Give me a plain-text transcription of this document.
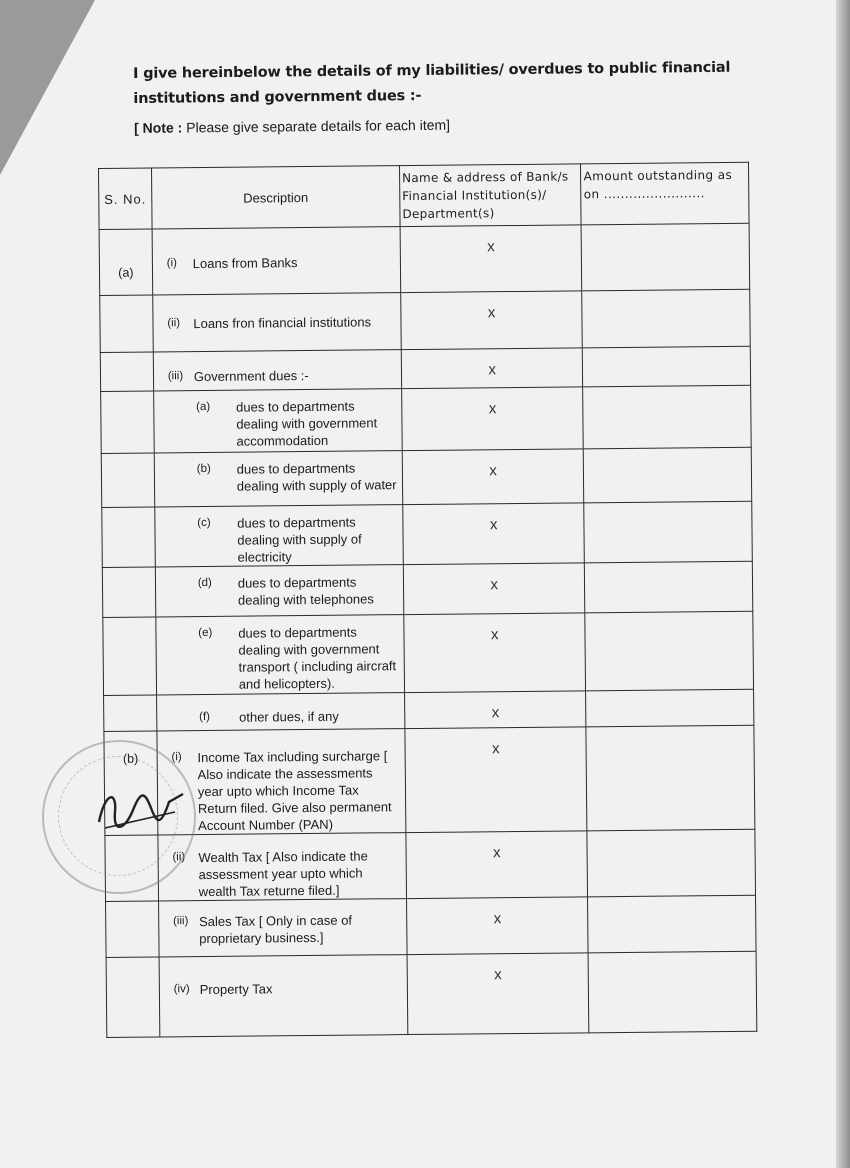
I give hereinbelow the details of my liabilities/ overdues to public financial institutions and government dues :-
[ Note : Please give separate details for each item]
S. No.	Description	Name & address of Bank/s Financial Institution(s)/ Department(s)	Amount outstanding as on ........................
(a)	(i) Loans from Banks	x	

	(ii) Loans fron financial institutions	x	

	(iii) Government dues :-	x	

	(a) dues to departments dealing with government accommodation	x	

	(b) dues to departments dealing with supply of water	x	

	(c) dues to departments dealing with supply of electricity	x	

	(d) dues to departments dealing with telephones	x	

	(e) dues to departments dealing with government transport ( including aircraft and helicopters).	x	

	(f) other dues, if any	x	
(b)	(i) Income Tax including surcharge [ Also indicate the assessments year upto which Income Tax Return filed. Give also permanent Account Number (PAN)	x	

	(ii) Wealth Tax [ Also indicate the assessment year upto which wealth Tax returne filed.]	x	

	(iii) Sales Tax [ Only in case of proprietary business.]	x	

	(iv) Property Tax	x	
